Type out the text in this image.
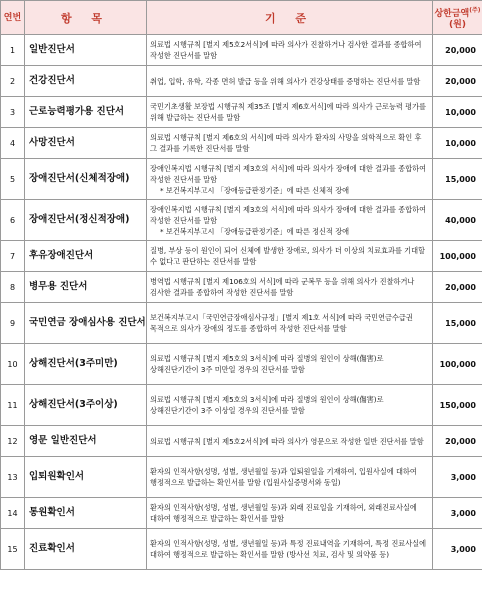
연번	항 목	기 준	상한금액$^{(주)}$
(원)
1	일반진단서	의료법 시행규칙 [별지 제5호2서식]에 따라 의사가 진찰하거나 검사한 결과를 종합하여 작성한 진단서를 말함	20,000
2	건강진단서	취업, 입학, 유학, 각종 면허 발급 등을 위해 의사가 건강상태를 증명하는 진단서를 말함	20,000
3	근로능력평가용 진단서	국민기초생활 보장법 시행규칙 제35조 [별지 제6호서식]에 따라 의사가 근로능력 평가를 위해 발급하는 진단서를 말함	10,000
4	사망진단서	의료법 시행규칙 [별지 제6호의 서식]에 따라 의사가 환자의 사망을 의학적으로 확인 후 그 결과를 기록한 진단서를 말함	10,000
5	장애진단서(신체적장애)	장애인복지법 시행규칙 [별지 제3호의 서식]에 따라 의사가 장애에 대한 결과를 종합하여 작성한 진단서를 말함
* 보건복지부고시 「장애등급판정기준」에 따른 신체적 장애	15,000
6	장애진단서(정신적장애)	장애인복지법 시행규칙 [별지 제3호의 서식]에 따라 의사가 장애에 대한 결과를 종합하여 작성한 진단서를 말함
* 보건복지부고시 「장애등급판정기준」에 따른 정신적 장애	40,000
7	후유장애진단서	질병, 부상 등이 원인이 되어 신체에 발생한 장애로, 의사가 더 이상의 치료효과를 기대할 수 없다고 판단하는 진단서를 말함	100,000
8	병무용 진단서	병역법 시행규칙 [별지 제106호의 서식]에 따라 군복무 등을 위해 의사가 진찰하거나 검사한 결과를 종합하여 작성한 진단서를 말함	20,000
9	국민연금 장애심사용 진단서	보건복지부고시「국민연금장애심사규정」[별지 제1호 서식]에 따라 국민연금수급권 목적으로 의사가 장애의 정도를 종합하여 작성한 진단서를 말함	15,000
10	상해진단서(3주미만)	의료법 시행규칙 [별지 제5호의 3서식]에 따라 질병의 원인이 상해(傷害)로 상해진단기간이 3주 미만일 경우의 진단서를 말함	100,000
11	상해진단서(3주이상)	의료법 시행규칙 [별지 제5호의 3서식]에 따라 질병의 원인이 상해(傷害)로 상해진단기간이 3주 이상일 경우의 진단서를 말함	150,000
12	영문 일반진단서	의료법 시행규칙 [별지 제5호2서식]에 따라 의사가 영문으로 작성한 일반 진단서를 말함	20,000
13	입퇴원확인서	환자의 인적사항(성명, 성별, 생년월일 등)과 입퇴원일을 기재하여, 입원사실에 대하여 행정적으로 발급하는 확인서를 말함 (입원사실증명서와 동일)	3,000
14	통원확인서	환자의 인적사항(성명, 성별, 생년월일 등)과 외래 진료일을 기재하여, 외래진료사실에 대하여 행정적으로 발급하는 확인서를 말함	3,000
15	진료확인서	환자의 인적사항(성명, 성별, 생년월일 등)과 특정 진료내역을 기재하여, 특정 진료사실에 대하여 행정적으로 발급하는 확인서를 말함 (방사선 치료, 검사 및 의약품 등)	3,000
